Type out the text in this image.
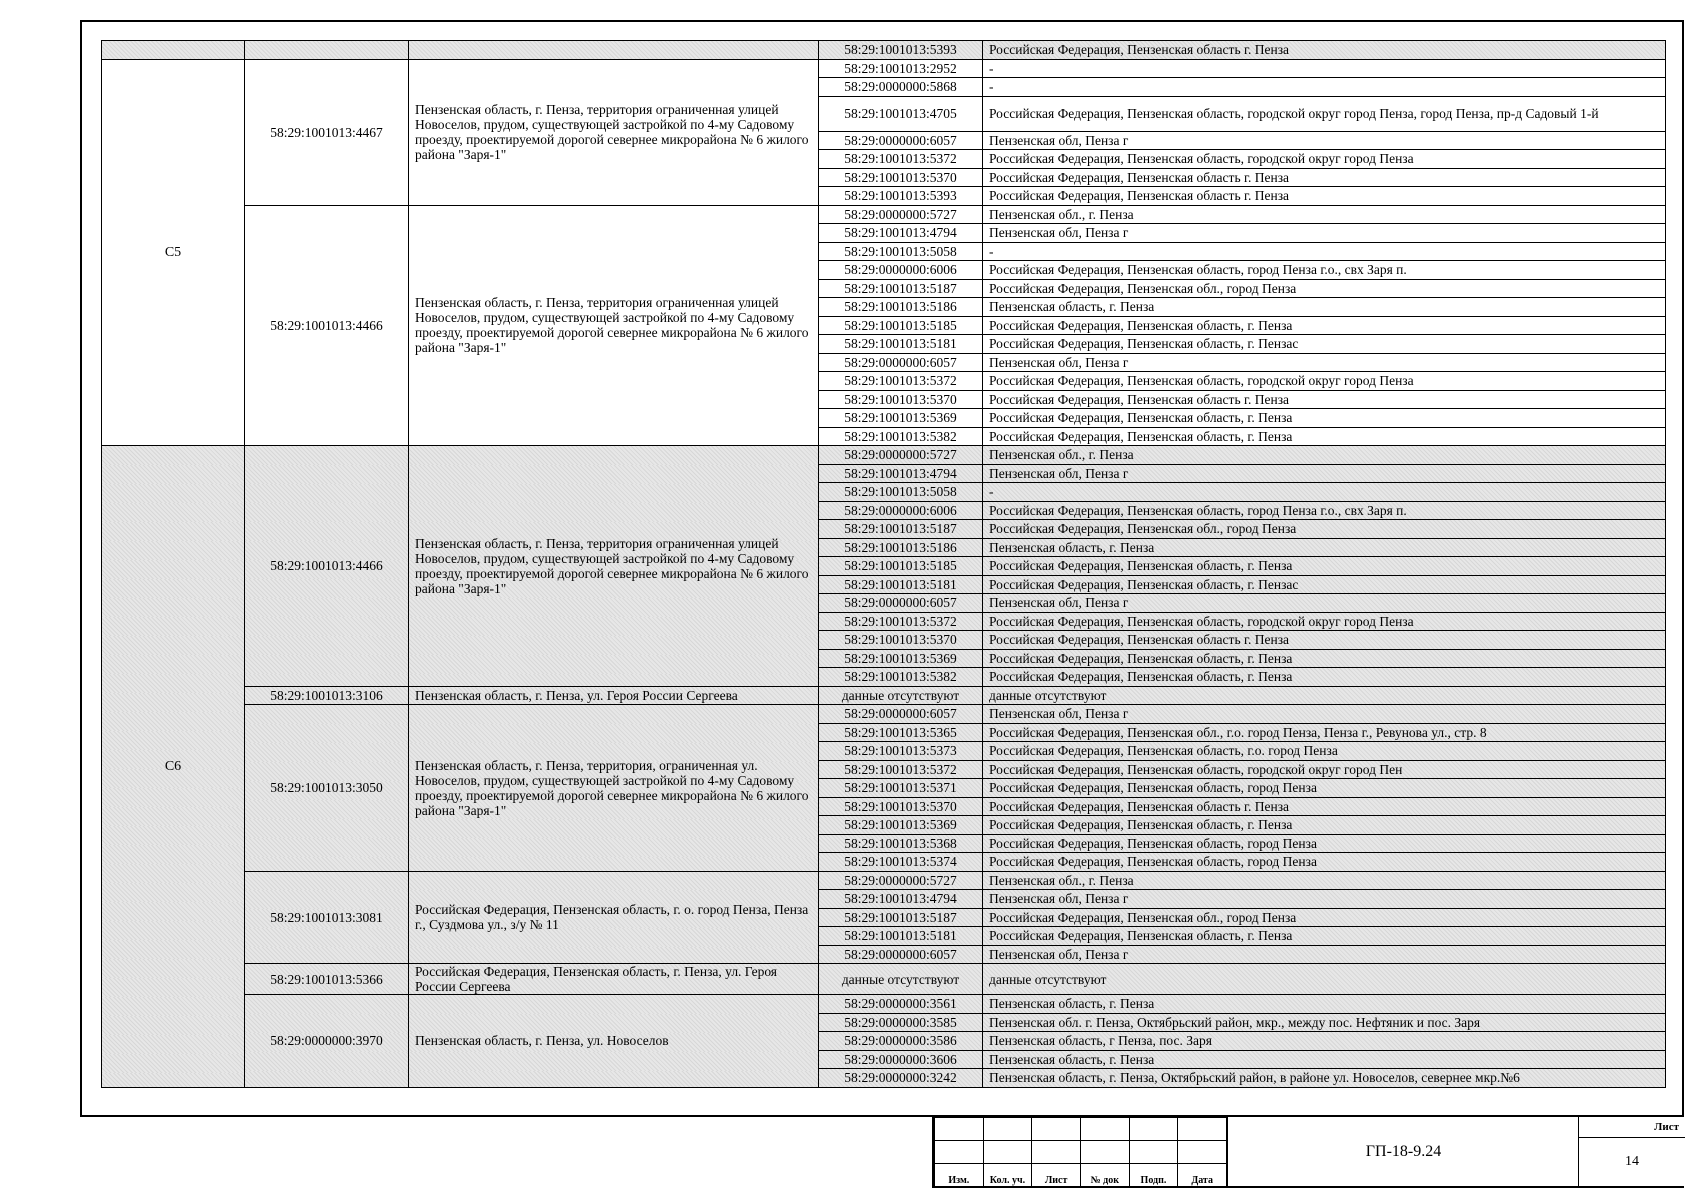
			58:29:1001013:5393	Российская Федерация, Пензенская область г. Пенза
С5	58:29:1001013:4467	Пензенская область, г. Пенза, территория ограниченная улицей Новоселов, прудом, существующей застройкой по 4-му Садовому проезду, проектируемой дорогой севернее микрорайона № 6 жилого района "Заря-1"	58:29:1001013:2952	-
			58:29:0000000:5868	-
			58:29:1001013:4705	Российская Федерация, Пензенская область, городской округ город Пенза, город Пенза, пр-д Садовый 1-й
			58:29:0000000:6057	Пензенская обл, Пенза г
			58:29:1001013:5372	Российская Федерация, Пензенская область, городской округ город Пенза
			58:29:1001013:5370	Российская Федерация, Пензенская область г. Пенза
			58:29:1001013:5393	Российская Федерация, Пензенская область г. Пенза
	58:29:1001013:4466	Пензенская область, г. Пенза, территория ограниченная улицей Новоселов, прудом, существующей застройкой по 4-му Садовому проезду, проектируемой дорогой севернее микрорайона № 6 жилого района "Заря-1"	58:29:0000000:5727	Пензенская обл., г. Пенза
			58:29:1001013:4794	Пензенская обл, Пенза г
			58:29:1001013:5058	-
			58:29:0000000:6006	Российская Федерация, Пензенская область, город Пенза г.о., свх Заря п.
			58:29:1001013:5187	Российская Федерация, Пензенская обл., город Пенза
			58:29:1001013:5186	Пензенская область, г. Пенза
			58:29:1001013:5185	Российская Федерация, Пензенская область, г. Пенза
			58:29:1001013:5181	Российская Федерация, Пензенская область, г. Пензас
			58:29:0000000:6057	Пензенская обл, Пенза г
			58:29:1001013:5372	Российская Федерация, Пензенская область, городской округ город Пенза
			58:29:1001013:5370	Российская Федерация, Пензенская область г. Пенза
			58:29:1001013:5369	Российская Федерация, Пензенская область, г. Пенза
			58:29:1001013:5382	Российская Федерация, Пензенская область, г. Пенза
С6	58:29:1001013:4466	Пензенская область, г. Пенза, территория ограниченная улицей Новоселов, прудом, существующей застройкой по 4-му Садовому проезду, проектируемой дорогой севернее микрорайона № 6 жилого района "Заря-1"	58:29:0000000:5727	Пензенская обл., г. Пенза
			58:29:1001013:4794	Пензенская обл, Пенза г
			58:29:1001013:5058	-
			58:29:0000000:6006	Российская Федерация, Пензенская область, город Пенза г.о., свх Заря п.
			58:29:1001013:5187	Российская Федерация, Пензенская обл., город Пенза
			58:29:1001013:5186	Пензенская область, г. Пенза
			58:29:1001013:5185	Российская Федерация, Пензенская область, г. Пенза
			58:29:1001013:5181	Российская Федерация, Пензенская область, г. Пензас
			58:29:0000000:6057	Пензенская обл, Пенза г
			58:29:1001013:5372	Российская Федерация, Пензенская область, городской округ город Пенза
			58:29:1001013:5370	Российская Федерация, Пензенская область г. Пенза
			58:29:1001013:5369	Российская Федерация, Пензенская область, г. Пенза
			58:29:1001013:5382	Российская Федерация, Пензенская область, г. Пенза
	58:29:1001013:3106	Пензенская область, г. Пенза, ул. Героя России Сергеева	данные отсутствуют	данные отсутствуют
	58:29:1001013:3050	Пензенская область, г. Пенза, территория, ограниченная ул. Новоселов, прудом, существующей застройкой по 4-му Садовому проезду, проектируемой дорогой севернее микрорайона № 6 жилого района "Заря-1"	58:29:0000000:6057	Пензенская обл, Пенза г
			58:29:1001013:5365	Российская Федерация, Пензенская обл., г.о. город Пенза, Пенза г., Ревунова ул., стр. 8
			58:29:1001013:5373	Российская Федерация, Пензенская область, г.о. город Пенза
			58:29:1001013:5372	Российская Федерация, Пензенская область, городской округ город Пен
			58:29:1001013:5371	Российская Федерация, Пензенская область, город Пенза
			58:29:1001013:5370	Российская Федерация, Пензенская область г. Пенза
			58:29:1001013:5369	Российская Федерация, Пензенская область, г. Пенза
			58:29:1001013:5368	Российская Федерация, Пензенская область, город Пенза
			58:29:1001013:5374	Российская Федерация, Пензенская область, город Пенза
	58:29:1001013:3081	Российская Федерация, Пензенская область, г. о. город Пенза, Пенза г., Суздмова ул., з/у № 11	58:29:0000000:5727	Пензенская обл., г. Пенза
			58:29:1001013:4794	Пензенская обл, Пенза г
			58:29:1001013:5187	Российская Федерация, Пензенская обл., город Пенза
			58:29:1001013:5181	Российская Федерация, Пензенская область, г. Пенза
			58:29:0000000:6057	Пензенская обл, Пенза г
	58:29:1001013:5366	Российская Федерация, Пензенская область, г. Пенза, ул. Героя России Сергеева	данные отсутствуют	данные отсутствуют
	58:29:0000000:3970	Пензенская область, г. Пенза, ул. Новоселов	58:29:0000000:3561	Пензенская область, г. Пенза
			58:29:0000000:3585	Пензенская обл. г. Пенза, Октябрьский район, мкр., между пос. Нефтяник и пос. Заря
			58:29:0000000:3586	Пензенская область, г Пенза, пос. Заря
			58:29:0000000:3606	Пензенская область, г. Пенза
			58:29:0000000:3242	Пензенская область, г. Пенза, Октябрьский район, в районе ул. Новоселов, севернее мкр.№6

Изм.	Кол. уч.	Лист	№ док	Подп.	Дата
ГП-18-9.24
Лист
14
